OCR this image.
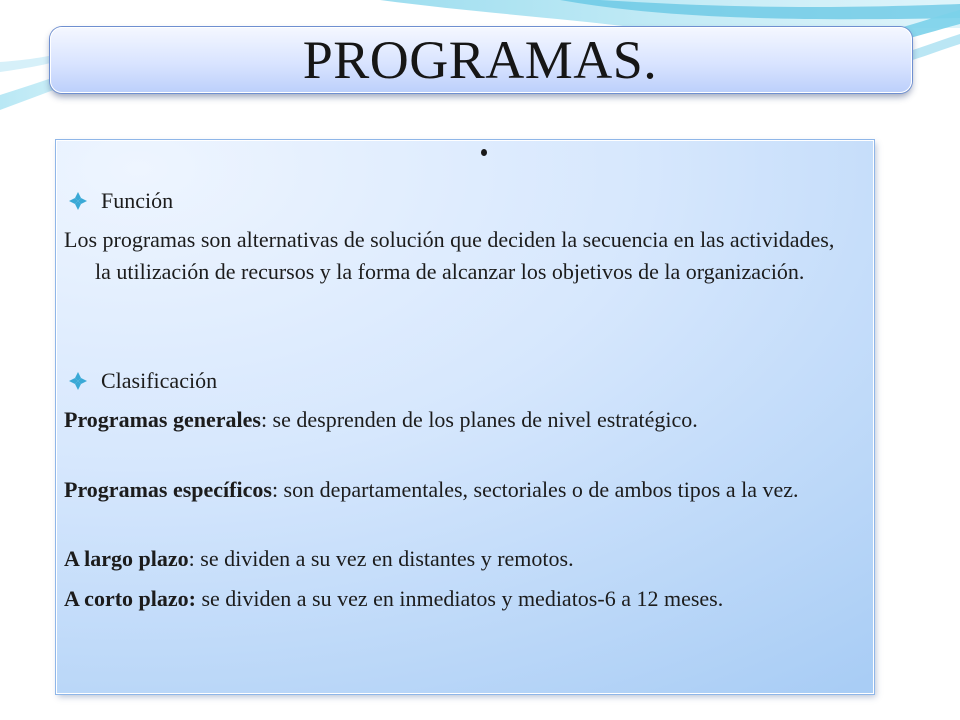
PROGRAMAS.
Función
Los programas son alternativas de solución que deciden la secuencia en las actividades, la utilización de recursos y la forma de alcanzar los objetivos de la organización.
Clasificación
Programas generales: se desprenden de los planes de nivel estratégico.
Programas específicos: son departamentales, sectoriales o de ambos tipos a la vez.
A largo plazo: se dividen a su vez en distantes y remotos.
A corto plazo: se dividen a su vez en inmediatos y mediatos-6 a 12 meses.
